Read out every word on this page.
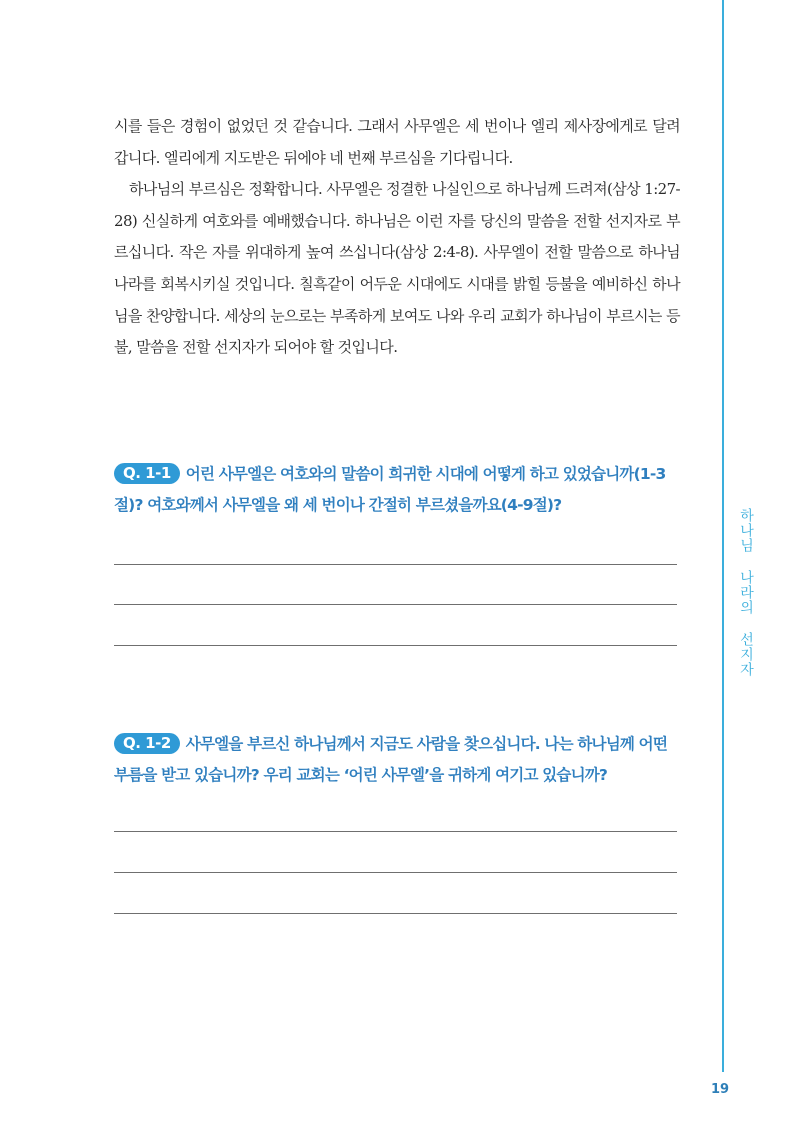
하나님 나라의 선지자

시를 들은 경험이 없었던 것 같습니다. 그래서 사무엘은 세 번이나 엘리 제사장에게로 달려갑니다. 엘리에게 지도받은 뒤에야 네 번째 부르심을 기다립니다.

하나님의 부르심은 정확합니다. 사무엘은 정결한 나실인으로 하나님께 드려져(삼상 1:27-28) 신실하게 여호와를 예배했습니다. 하나님은 이런 자를 당신의 말씀을 전할 선지자로 부르십니다. 작은 자를 위대하게 높여 쓰십니다(삼상 2:4-8). 사무엘이 전할 말씀으로 하나님 나라를 회복시키실 것입니다. 칠흑같이 어두운 시대에도 시대를 밝힐 등불을 예비하신 하나님을 찬양합니다. 세상의 눈으로는 부족하게 보여도 나와 우리 교회가 하나님이 부르시는 등불, 말씀을 전할 선지자가 되어야 할 것입니다.

Q. 1-1 어린 사무엘은 여호와의 말씀이 희귀한 시대에 어떻게 하고 있었습니까(1-3절)? 여호와께서 사무엘을 왜 세 번이나 간절히 부르셨을까요(4-9절)?
Q. 1-2 사무엘을 부르신 하나님께서 지금도 사람을 찾으십니다. 나는 하나님께 어떤 부름을 받고 있습니까? 우리 교회는 ‘어린 사무엘’을 귀하게 여기고 있습니까?
19
